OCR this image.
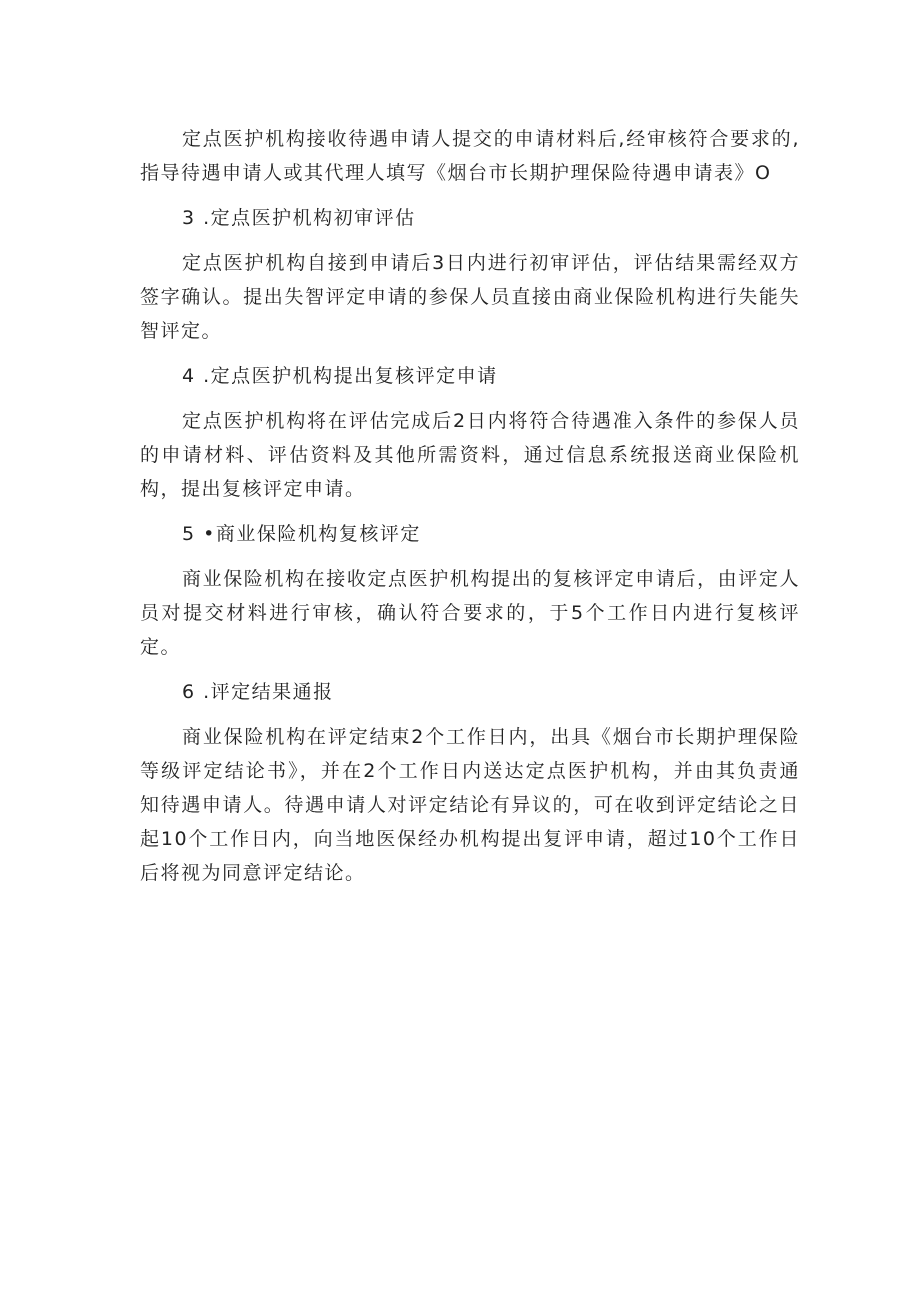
定点医护机构接收待遇申请人提交的申请材料后,经审核符合要求的,指导待遇申请人或其代理人填写《烟台市长期护理保险待遇申请表》O

3 .定点医护机构初审评估

定点医护机构自接到申请后3日内进行初审评估，评估结果需经双方签字确认。提出失智评定申请的参保人员直接由商业保险机构进行失能失智评定。

4 .定点医护机构提出复核评定申请

定点医护机构将在评估完成后2日内将符合待遇准入条件的参保人员的申请材料、评估资料及其他所需资料，通过信息系统报送商业保险机构，提出复核评定申请。

5 •商业保险机构复核评定

商业保险机构在接收定点医护机构提出的复核评定申请后，由评定人员对提交材料进行审核，确认符合要求的，于5个工作日内进行复核评定。

6 .评定结果通报

商业保险机构在评定结束2个工作日内，出具《烟台市长期护理保险等级评定结论书》，并在2个工作日内送达定点医护机构，并由其负责通知待遇申请人。待遇申请人对评定结论有异议的，可在收到评定结论之日起10个工作日内，向当地医保经办机构提出复评申请，超过10个工作日后将视为同意评定结论。
